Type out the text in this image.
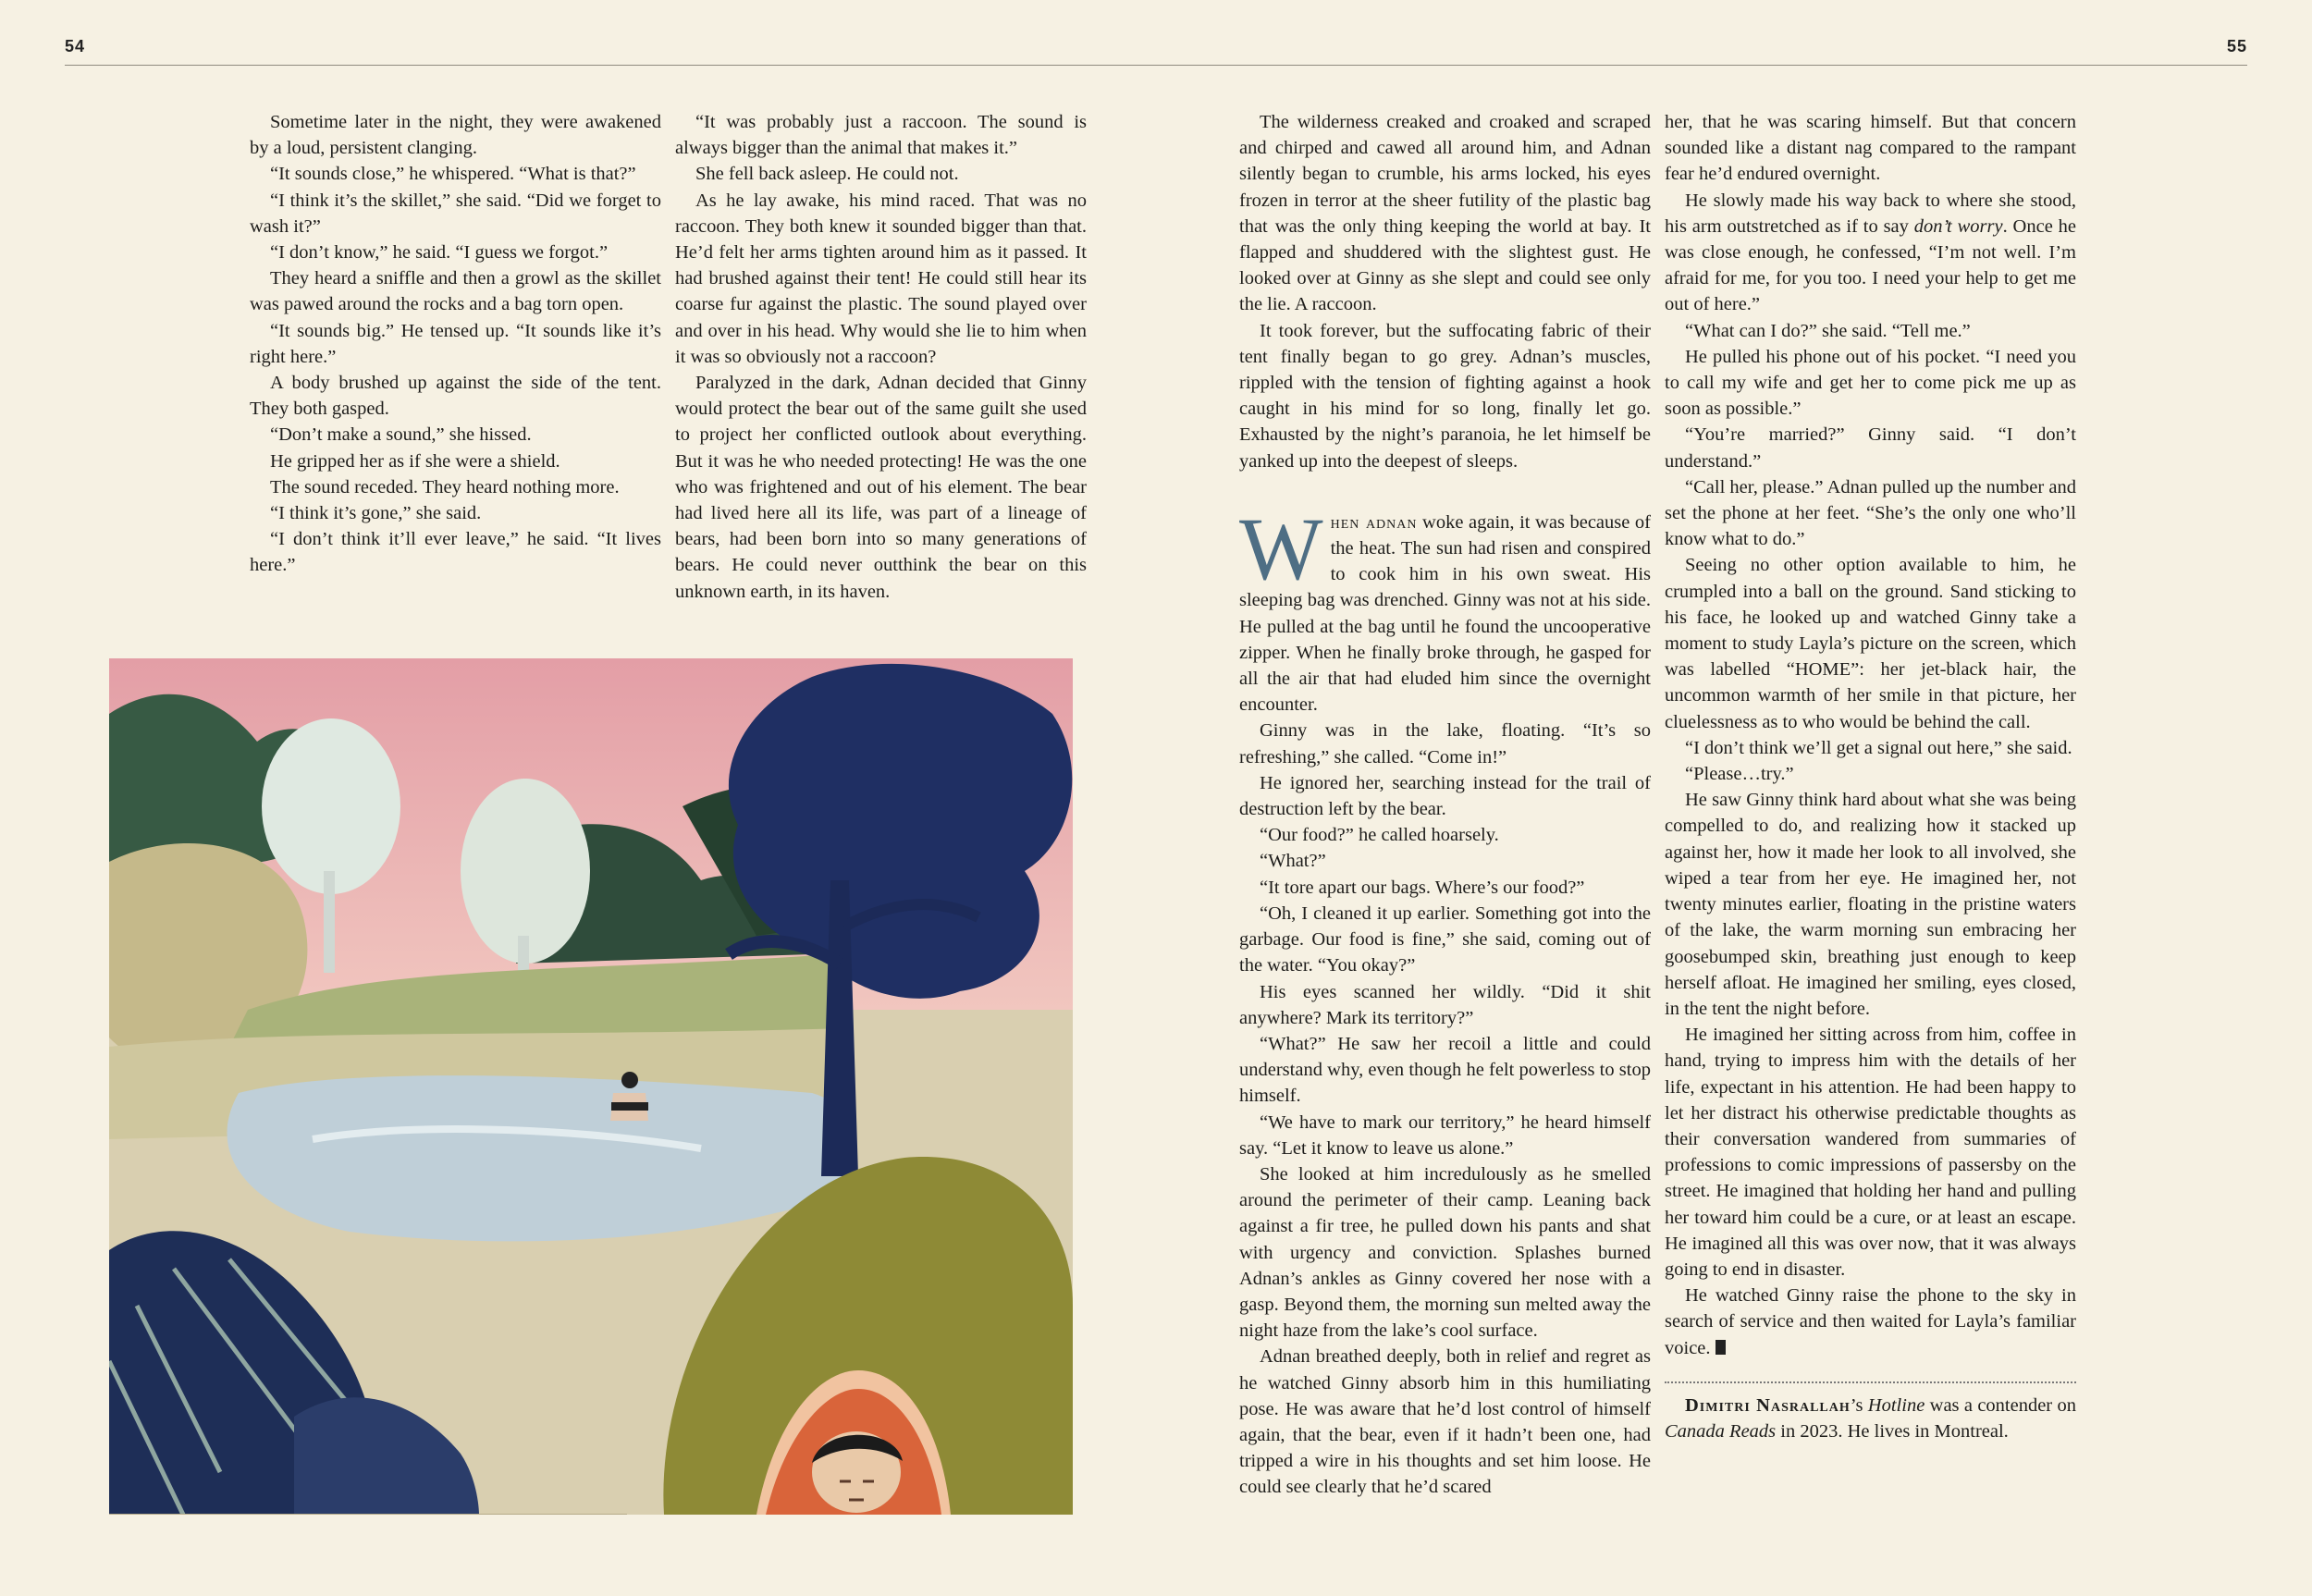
54	55

Sometime later in the night, they were awakened by a loud, persistent clanging.

“It sounds close,” he whispered. “What is that?”

“I think it’s the skillet,” she said. “Did we forget to wash it?”

“I don’t know,” he said. “I guess we forgot.”

They heard a sniffle and then a growl as the skillet was pawed around the rocks and a bag torn open.

“It sounds big.” He tensed up. “It sounds like it’s right here.”

A body brushed up against the side of the tent. They both gasped.

“Don’t make a sound,” she hissed.

He gripped her as if she were a shield.

The sound receded. They heard nothing more.

“I think it’s gone,” she said.

“I don’t think it’ll ever leave,” he said. “It lives here.”

“It was probably just a raccoon. The sound is always bigger than the animal that makes it.”

She fell back asleep. He could not.

As he lay awake, his mind raced. That was no raccoon. They both knew it sounded bigger than that. He’d felt her arms tighten around him as it passed. It had brushed against their tent! He could still hear its coarse fur against the plastic. The sound played over and over in his head. Why would she lie to him when it was so obviously not a raccoon?

Paralyzed in the dark, Adnan decided that Ginny would protect the bear out of the same guilt she used to project her conflicted outlook about everything. But it was he who needed protecting! He was the one who was frightened and out of his element. The bear had lived here all its life, was part of a lineage of bears, had been born into so many generations of bears. He could never outthink the bear on this unknown earth, in its haven.

The wilderness creaked and croaked and scraped and chirped and cawed all around him, and Adnan silently began to crumble, his arms locked, his eyes frozen in terror at the sheer futility of the plastic bag that was the only thing keeping the world at bay. It flapped and shuddered with the slightest gust. He looked over at Ginny as she slept and could see only the lie. A raccoon.

It took forever, but the suffocating fabric of their tent finally began to go grey. Adnan’s muscles, rippled with the tension of fighting against a hook caught in his mind for so long, finally let go. Exhausted by the night’s paranoia, he let himself be yanked up into the deepest of sleeps.

When adnan woke again, it was because of the heat. The sun had risen and conspired to cook him in his own sweat. His sleeping bag was drenched. Ginny was not at his side. He pulled at the bag until he found the uncooperative zipper. When he finally broke through, he gasped for all the air that had eluded him since the overnight encounter.

Ginny was in the lake, floating. “It’s so refreshing,” she called. “Come in!”

He ignored her, searching instead for the trail of destruction left by the bear.

“Our food?” he called hoarsely.

“What?”

“It tore apart our bags. Where’s our food?”

“Oh, I cleaned it up earlier. Something got into the garbage. Our food is fine,” she said, coming out of the water. “You okay?”

His eyes scanned her wildly. “Did it shit anywhere? Mark its territory?”

“What?” He saw her recoil a little and could understand why, even though he felt powerless to stop himself.

“We have to mark our territory,” he heard himself say. “Let it know to leave us alone.”

She looked at him incredulously as he smelled around the perimeter of their camp. Leaning back against a fir tree, he pulled down his pants and shat with urgency and conviction. Splashes burned Adnan’s ankles as Ginny covered her nose with a gasp. Beyond them, the morning sun melted away the night haze from the lake’s cool surface.

Adnan breathed deeply, both in relief and regret as he watched Ginny absorb him in this humiliating pose. He was aware that he’d lost control of himself again, that the bear, even if it hadn’t been one, had tripped a wire in his thoughts and set him loose. He could see clearly that he’d scared

her, that he was scaring himself. But that concern sounded like a distant nag compared to the rampant fear he’d endured overnight.

He slowly made his way back to where she stood, his arm outstretched as if to say don’t worry. Once he was close enough, he confessed, “I’m not well. I’m afraid for me, for you too. I need your help to get me out of here.”

“What can I do?” she said. “Tell me.”

He pulled his phone out of his pocket. “I need you to call my wife and get her to come pick me up as soon as possible.”

“You’re married?” Ginny said. “I don’t understand.”

“Call her, please.” Adnan pulled up the number and set the phone at her feet. “She’s the only one who’ll know what to do.”

Seeing no other option available to him, he crumpled into a ball on the ground. Sand sticking to his face, he looked up and watched Ginny take a moment to study Layla’s picture on the screen, which was labelled “HOME”: her jet-black hair, the uncommon warmth of her smile in that picture, her cluelessness as to who would be behind the call.

“I don’t think we’ll get a signal out here,” she said.

“Please…try.”

He saw Ginny think hard about what she was being compelled to do, and realizing how it stacked up against her, how it made her look to all involved, she wiped a tear from her eye. He imagined her, not twenty minutes earlier, floating in the pristine waters of the lake, the warm morning sun embracing her goosebumped skin, breathing just enough to keep herself afloat. He imagined her smiling, eyes closed, in the tent the night before.

He imagined her sitting across from him, coffee in hand, trying to impress him with the details of her life, expectant in his attention. He had been happy to let her distract his otherwise predictable thoughts as their conversation wandered from summaries of professions to comic impressions of passersby on the street. He imagined that holding her hand and pulling her toward him could be a cure, or at least an escape. He imagined all this was over now, that it was always going to end in disaster.

He watched Ginny raise the phone to the sky in search of service and then waited for Layla’s familiar voice.

Dimitri Nasrallah’s Hotline was a contender on Canada Reads in 2023. He lives in Montreal.
